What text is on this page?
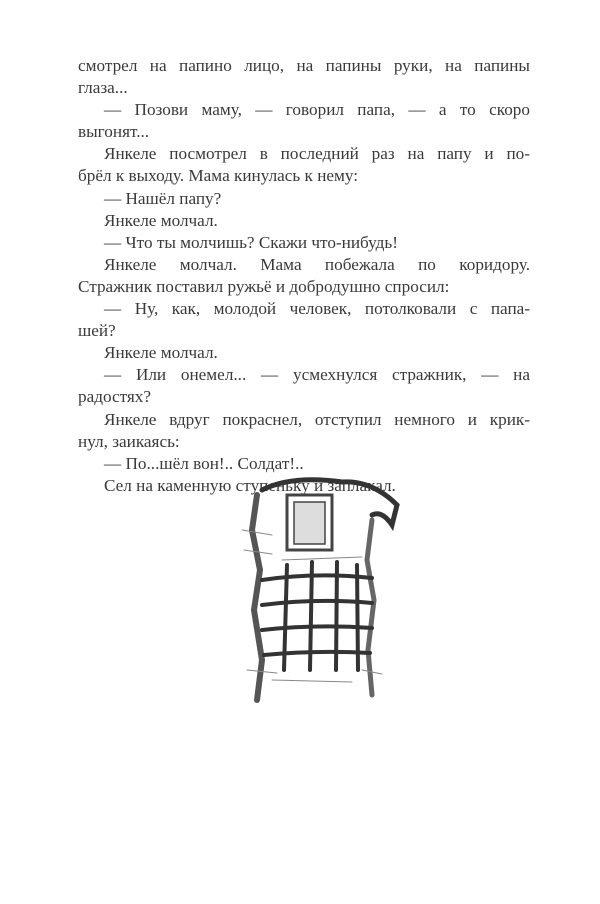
смотрел на папино лицо, на папины руки, на папины
глаза...
— Позови маму, — говорил папа, — а то скоро
выгонят...
Янкеле посмотрел в последний раз на папу и по-
брёл к выходу. Мама кинулась к нему:
— Нашёл папу?
Янкеле молчал.
— Что ты молчишь? Скажи что-нибудь!
Янкеле молчал. Мама побежала по коридору.
Стражник поставил ружьё и добродушно спросил:
— Ну, как, молодой человек, потолковали с папа-
шей?
Янкеле молчал.
— Или онемел... — усмехнулся стражник, — на
радостях?
Янкеле вдруг покраснел, отступил немного и крик-
нул, заикаясь:
— По...шёл вон!.. Солдат!..
Сел на каменную ступеньку и заплакал.
